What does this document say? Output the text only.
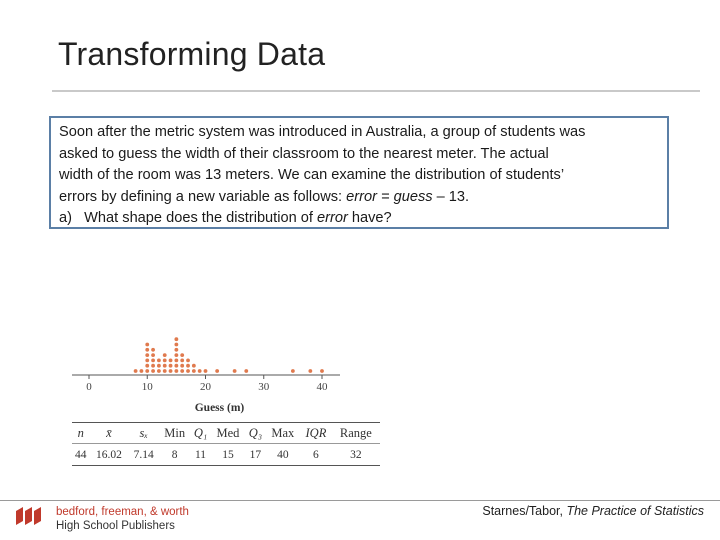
Transforming Data

Soon after the metric system was introduced in Australia, a group of students was

asked to guess the width of their classroom to the nearest meter. The actual

width of the room was 13 meters. We can examine the distribution of students’

errors by defining a new variable as follows: error = guess – 13.

a) What shape does the distribution of error have?

0	10	20	30	40
Guess (m)
n	x̄	sₓ	Min	Q₁	Med	Q₃	Max	IQR	Range
44	16.02	7.14	8	11	15	17	40	6	32
bedford, freeman, & worth
High School Publishers
Starnes/Tabor, The Practice of Statistics
